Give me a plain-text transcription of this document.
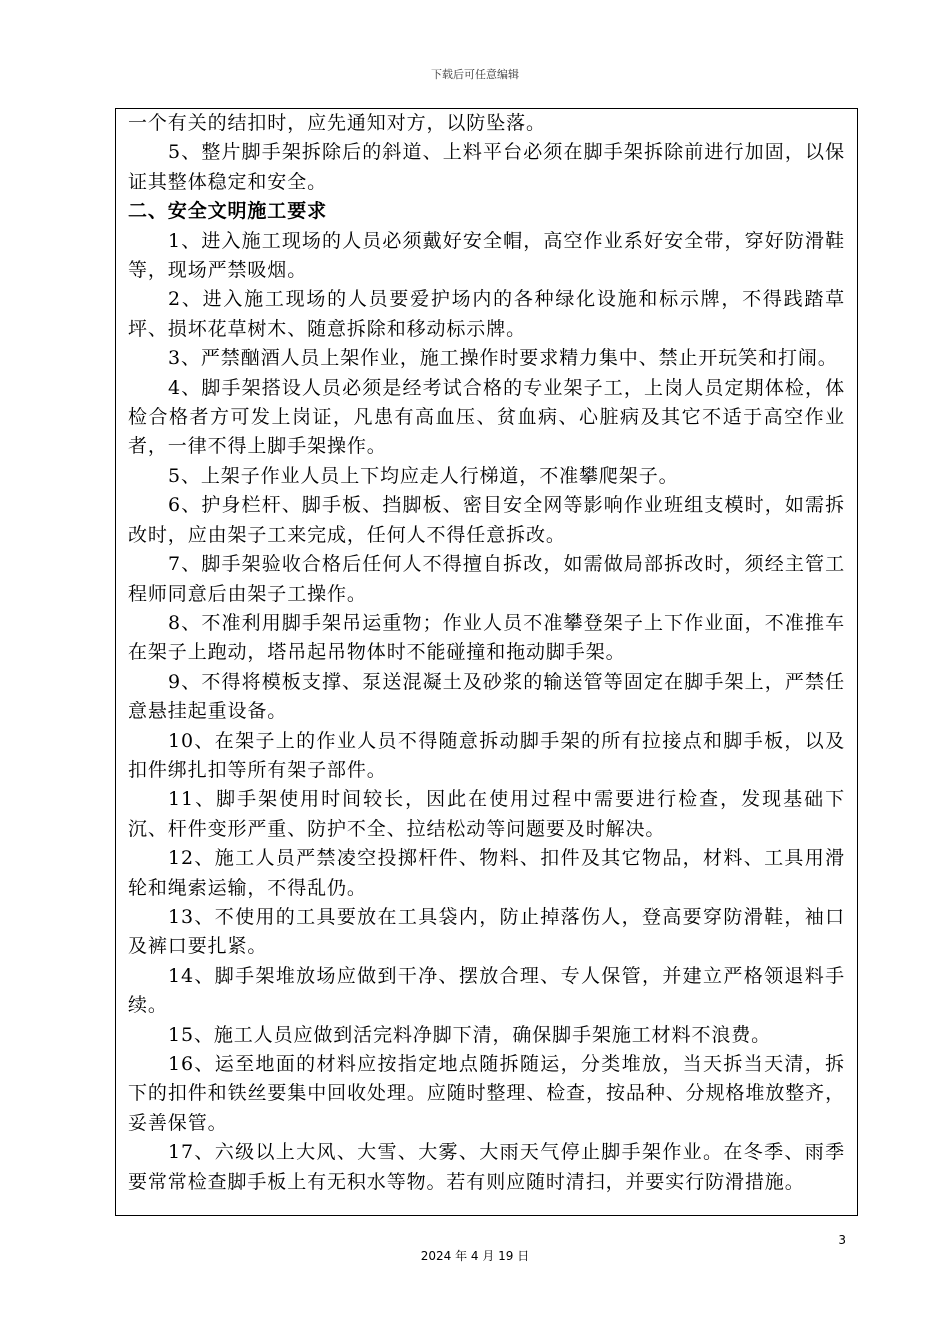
下载后可任意编辑

一个有关的结扣时，应先通知对方，以防坠落。

5、整片脚手架拆除后的斜道、上料平台必须在脚手架拆除前进行加固，以保证其整体稳定和安全。

二、安全文明施工要求

1、进入施工现场的人员必须戴好安全帽，高空作业系好安全带，穿好防滑鞋等，现场严禁吸烟。

2、进入施工现场的人员要爱护场内的各种绿化设施和标示牌，不得践踏草坪、损坏花草树木、随意拆除和移动标示牌。

3、严禁酗酒人员上架作业，施工操作时要求精力集中、禁止开玩笑和打闹。

4、脚手架搭设人员必须是经考试合格的专业架子工，上岗人员定期体检，体检合格者方可发上岗证，凡患有高血压、贫血病、心脏病及其它不适于高空作业者，一律不得上脚手架操作。

5、上架子作业人员上下均应走人行梯道，不准攀爬架子。

6、护身栏杆、脚手板、挡脚板、密目安全网等影响作业班组支模时，如需拆改时，应由架子工来完成，任何人不得任意拆改。

7、脚手架验收合格后任何人不得擅自拆改，如需做局部拆改时，须经主管工程师同意后由架子工操作。

8、不准利用脚手架吊运重物；作业人员不准攀登架子上下作业面，不准推车在架子上跑动，塔吊起吊物体时不能碰撞和拖动脚手架。

9、不得将模板支撑、泵送混凝土及砂浆的输送管等固定在脚手架上，严禁任意悬挂起重设备。

10、在架子上的作业人员不得随意拆动脚手架的所有拉接点和脚手板，以及扣件绑扎扣等所有架子部件。

11、脚手架使用时间较长，因此在使用过程中需要进行检查，发现基础下沉、杆件变形严重、防护不全、拉结松动等问题要及时解决。

12、施工人员严禁凌空投掷杆件、物料、扣件及其它物品，材料、工具用滑轮和绳索运输，不得乱仍。

13、不使用的工具要放在工具袋内，防止掉落伤人，登高要穿防滑鞋，袖口及裤口要扎紧。

14、脚手架堆放场应做到干净、摆放合理、专人保管，并建立严格领退料手续。

15、施工人员应做到活完料净脚下清，确保脚手架施工材料不浪费。

16、运至地面的材料应按指定地点随拆随运，分类堆放，当天拆当天清，拆下的扣件和铁丝要集中回收处理。应随时整理、检查，按品种、分规格堆放整齐，妥善保管。

17、六级以上大风、大雪、大雾、大雨天气停止脚手架作业。在冬季、雨季要常常检查脚手板上有无积水等物。若有则应随时清扫，并要实行防滑措施。

3
2024 年 4 月 19 日
